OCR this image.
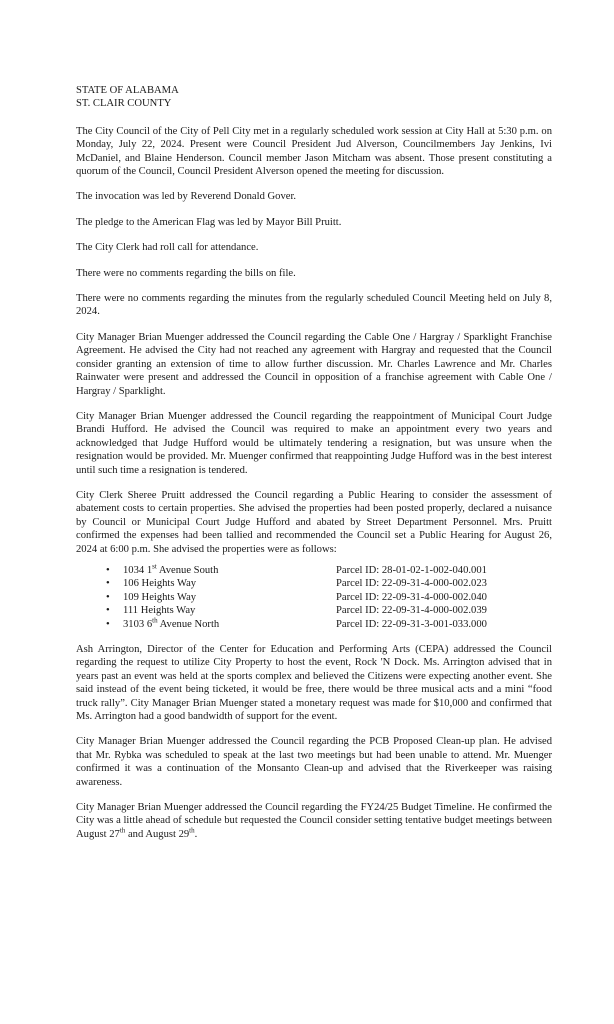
STATE OF ALABAMA

ST. CLAIR COUNTY

The City Council of the City of Pell City met in a regularly scheduled work session at City Hall at 5:30 p.m. on Monday, July 22, 2024. Present were Council President Jud Alverson, Councilmembers Jay Jenkins, Ivi McDaniel, and Blaine Henderson. Council member Jason Mitcham was absent. Those present constituting a quorum of the Council, Council President Alverson opened the meeting for discussion.

The invocation was led by Reverend Donald Gover.

The pledge to the American Flag was led by Mayor Bill Pruitt.

The City Clerk had roll call for attendance.

There were no comments regarding the bills on file.

There were no comments regarding the minutes from the regularly scheduled Council Meeting held on July 8, 2024.

City Manager Brian Muenger addressed the Council regarding the Cable One / Hargray / Sparklight Franchise Agreement. He advised the City had not reached any agreement with Hargray and requested that the Council consider granting an extension of time to allow further discussion. Mr. Charles Lawrence and Mr. Charles Rainwater were present and addressed the Council in opposition of a franchise agreement with Cable One / Hargray / Sparklight.

City Manager Brian Muenger addressed the Council regarding the reappointment of Municipal Court Judge Brandi Hufford. He advised the Council was required to make an appointment every two years and acknowledged that Judge Hufford would be ultimately tendering a resignation, but was unsure when the resignation would be provided. Mr. Muenger confirmed that reappointing Judge Hufford was in the best interest until such time a resignation is tendered.

City Clerk Sheree Pruitt addressed the Council regarding a Public Hearing to consider the assessment of abatement costs to certain properties. She advised the properties had been posted properly, declared a nuisance by Council or Municipal Court Judge Hufford and abated by Street Department Personnel. Mrs. Pruitt confirmed the expenses had been tallied and recommended the Council set a Public Hearing for August 26, 2024 at 6:00 p.m. She advised the properties were as follows:

•	1034 1st Avenue South	Parcel ID: 28-01-02-1-002-040.001
•	106 Heights Way	Parcel ID: 22-09-31-4-000-002.023
•	109 Heights Way	Parcel ID: 22-09-31-4-000-002.040
•	111 Heights Way	Parcel ID: 22-09-31-4-000-002.039
•	3103 6th Avenue North	Parcel ID: 22-09-31-3-001-033.000

Ash Arrington, Director of the Center for Education and Performing Arts (CEPA) addressed the Council regarding the request to utilize City Property to host the event, Rock 'N Dock. Ms. Arrington advised that in years past an event was held at the sports complex and believed the Citizens were expecting another event. She said instead of the event being ticketed, it would be free, there would be three musical acts and a mini “food truck rally”. City Manager Brian Muenger stated a monetary request was made for $10,000 and confirmed that Ms. Arrington had a good bandwidth of support for the event.

City Manager Brian Muenger addressed the Council regarding the PCB Proposed Clean-up plan. He advised that Mr. Rybka was scheduled to speak at the last two meetings but had been unable to attend. Mr. Muenger confirmed it was a continuation of the Monsanto Clean-up and advised that the Riverkeeper was raising awareness.

City Manager Brian Muenger addressed the Council regarding the FY24/25 Budget Timeline. He confirmed the City was a little ahead of schedule but requested the Council consider setting tentative budget meetings between August 27th and August 29th.
